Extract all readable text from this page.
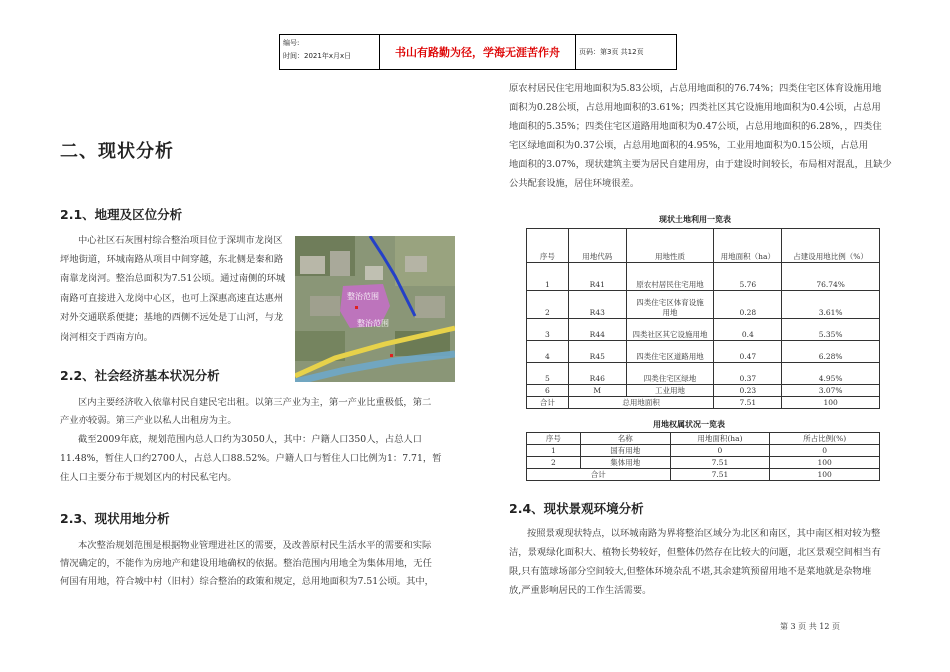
编号:
时间：2021年x月x日	书山有路勤为径，学海无涯苦作舟	页码：第3页 共12页
二、现状分析
2.1、地理及区位分析
中心社区石灰围村综合整治项目位于深圳市龙岗区
坪地街道，环城南路从项目中间穿越，东北侧是秦和路
南靠龙岗河。整治总面积为7.51公顷。通过南侧的环城
南路可直接进入龙岗中心区，也可上深惠高速直达惠州
对外交通联系便捷；基地的西侧不远处是丁山河，与龙
岗河相交于西南方向。
整治范围
整治范围
2.2、社会经济基本状况分析
区内主要经济收入依靠村民自建民宅出租。以第三产业为主，第一产业比重极低，第二
产业亦较弱。第三产业以私人出租房为主。
截至2009年底，规划范围内总人口约为3050人，其中：户籍人口350人，占总人口
11.48%，暂住人口约2700人，占总人口88.52%。户籍人口与暂住人口比例为1：7.71，暂
住人口主要分布于规划区内的村民私宅内。
2.3、现状用地分析
本次整治规划范围是根据物业管理进社区的需要，及改善原村民生活水平的需要和实际
情况确定的，不能作为房地产和建设用地确权的依据。整治范围内用地全为集体用地，无任
何国有用地，符合城中村（旧村）综合整治的政策和规定，总用地面积为7.51公顷。其中，
原农村居民住宅用地面积为5.83公顷，占总用地面积的76.74%；四类住宅区体育设施用地
面积为0.28公顷，占总用地面积的3.61%；四类社区其它设施用地面积为0.4公顷，占总用
地面积的5.35%；四类住宅区道路用地面积为0.47公顷，占总用地面积的6.28%，，四类住
宅区绿地面积为0.37公顷，占总用地面积的4.95%，工业用地面积为0.15公顷，占总用
地面积的3.07%，现状建筑主要为居民自建用房，由于建设时间较长，布局相对混乱，且缺少
公共配套设施，居住环境很差。
现状土地利用一览表
序号	用地代码	用地性质	用地面积（ha）	占建设用地比例（%）
1	R41	原农村居民住宅用地	5.76	76.74%
2	R43	四类住宅区体育设施用地	0.28	3.61%
3	R44	四类社区其它设施用地	0.4	5.35%
4	R45	四类住宅区道路用地	0.47	6.28%
5	R46	四类住宅区绿地	0.37	4.95%
6	M	工业用地	0.23	3.07%
合计	总用地面积		7.51	100
用地权属状况一览表
序号	名称	用地面积(ha)	所占比例(%)
1	国有用地	0	0
2	集体用地	7.51	100
合计		7.51	100
2.4、现状景观环境分析
按照景观现状特点，以环城南路为界将整治区域分为北区和南区，其中南区相对较为整
洁，景观绿化面积大、植物长势较好，但整体仍然存在比较大的问题，北区景观空间相当有
限,只有篮球场部分空间较大,但整体环境杂乱不堪,其余建筑预留用地不是菜地就是杂物堆
放,严重影响居民的工作生活需要。
第 3 页 共 12 页
